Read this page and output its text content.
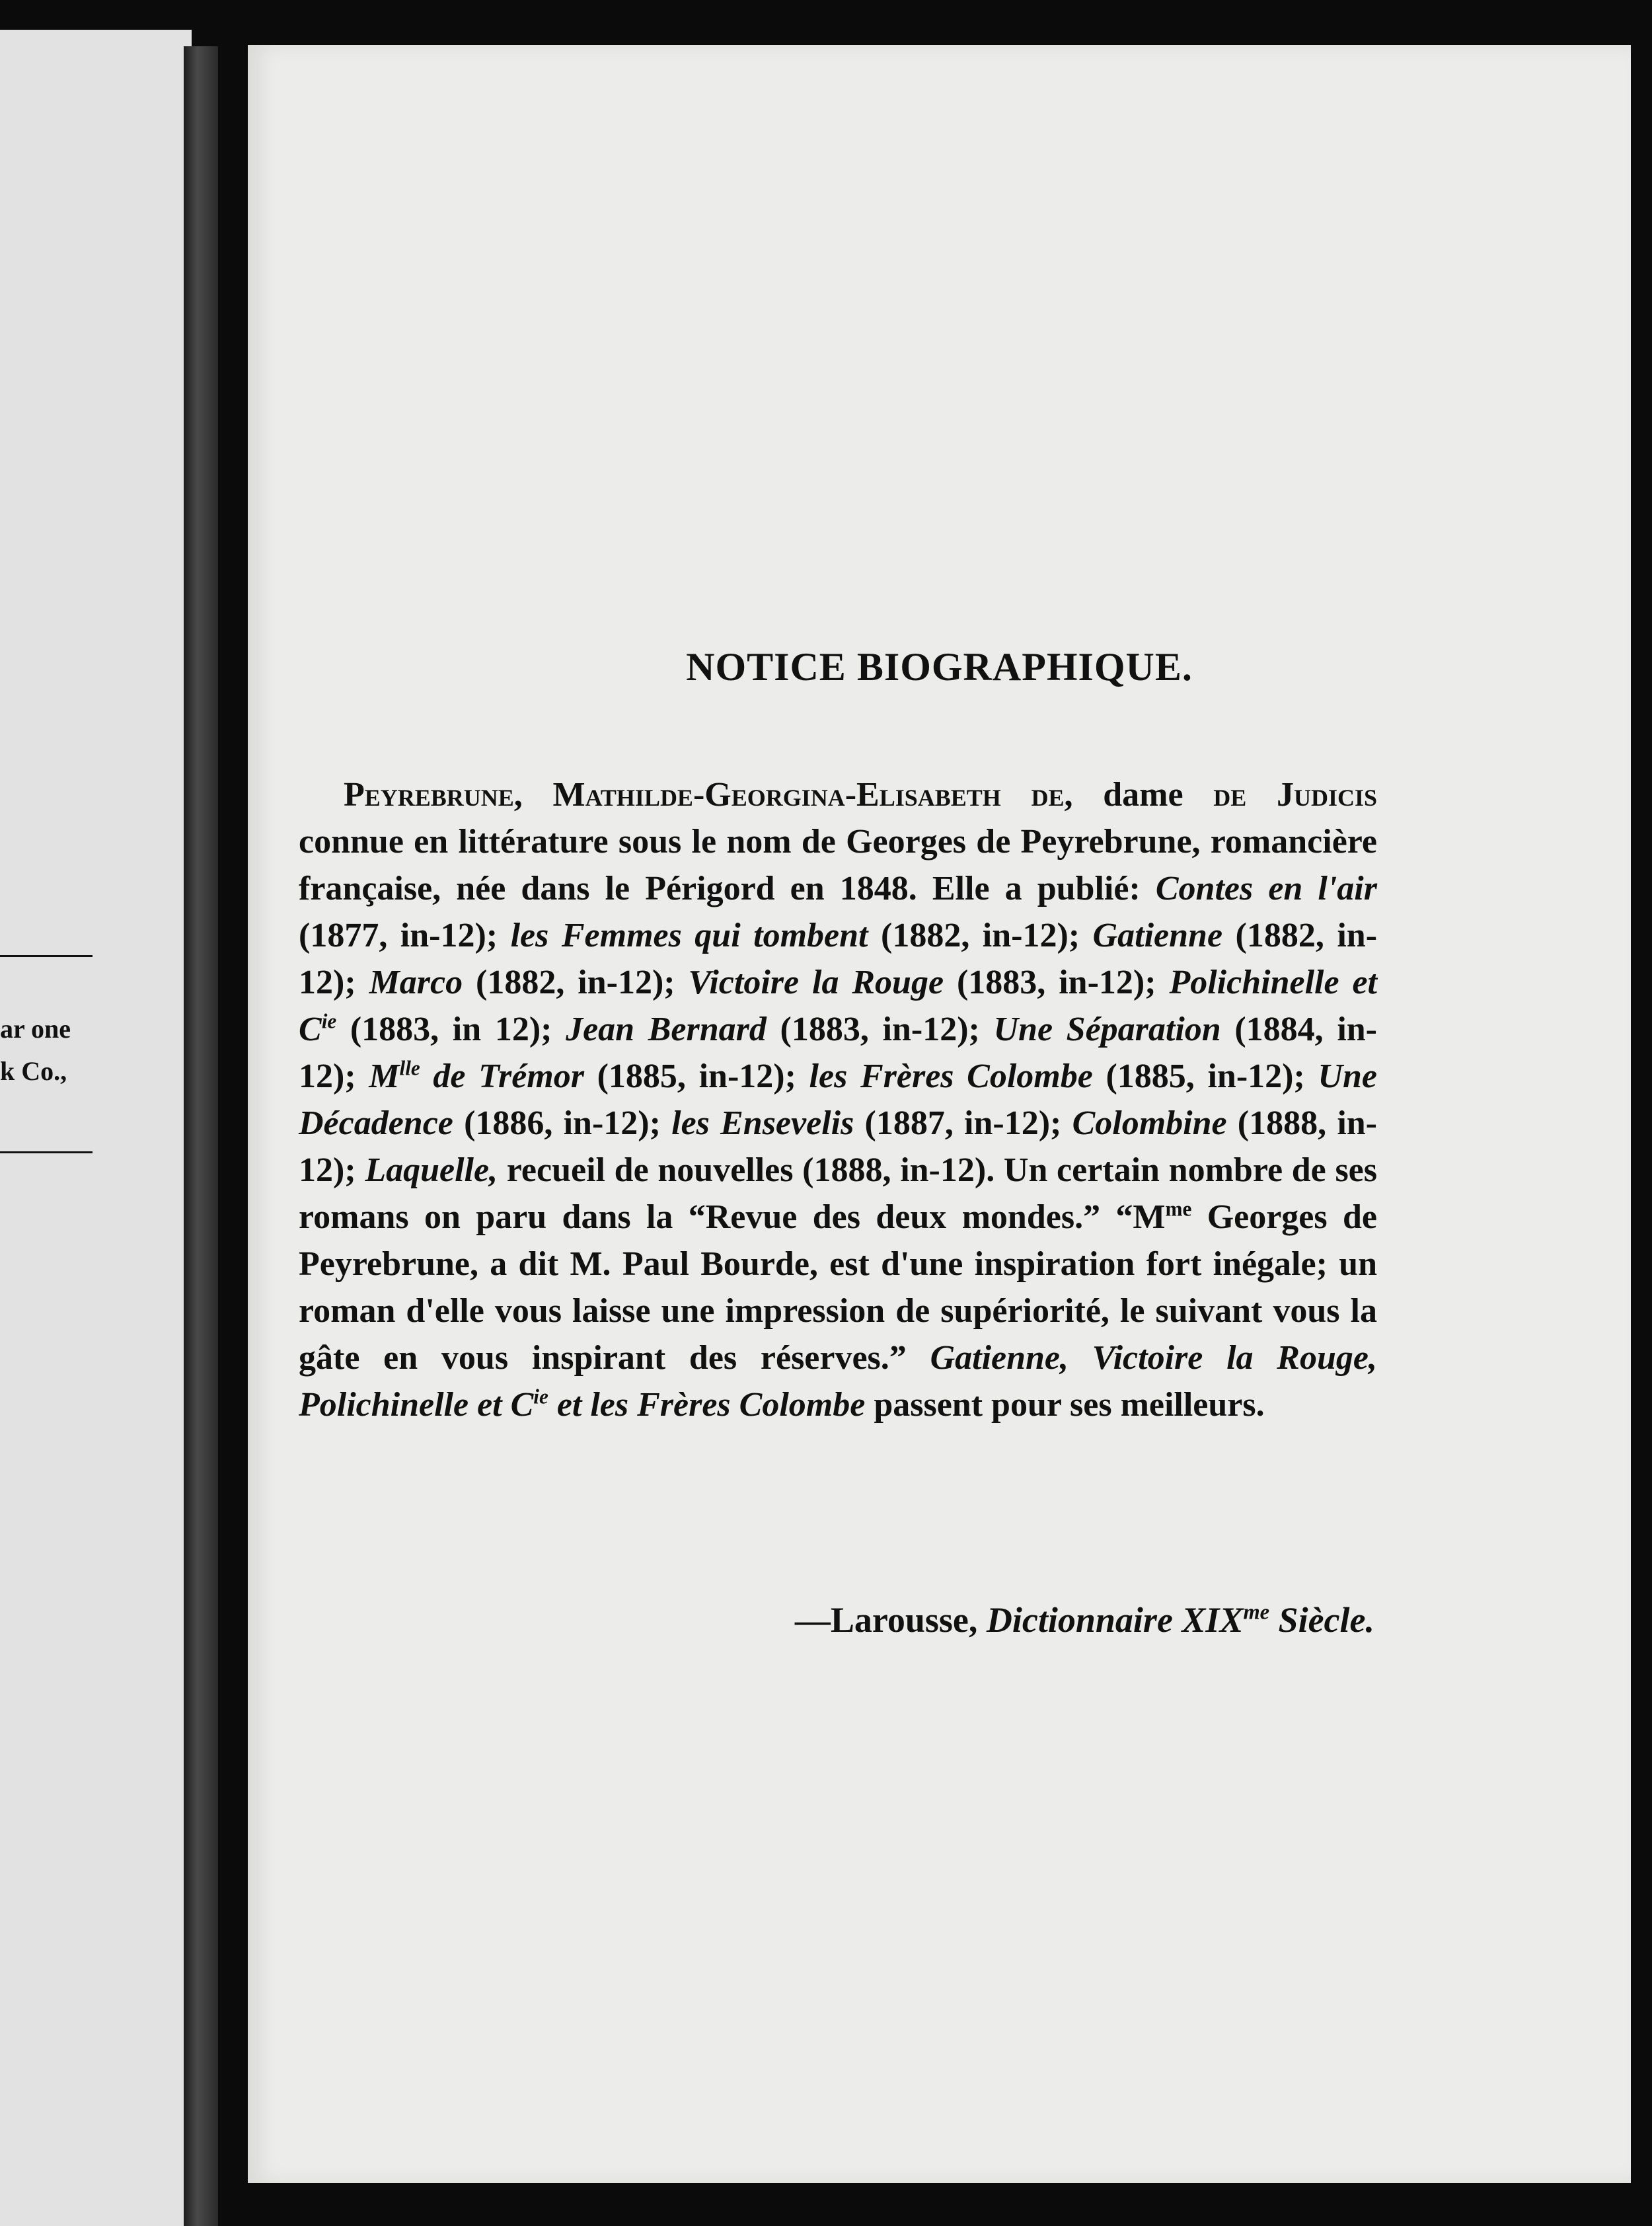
ar one
k Co.,
NOTICE BIOGRAPHIQUE.

Peyrebrune, Mathilde-Georgina-Elisabeth de, dame de Judicis connue en littérature sous le nom de Georges de Peyrebrune, romancière française, née dans le Périgord en 1848. Elle a publié: Contes en l'air (1877, in-12); les Femmes qui tombent (1882, in-12); Gatienne (1882, in-12); Marco (1882, in-12); Victoire la Rouge (1883, in-12); Polichinelle et $C^{ie}$ (1883, in 12); Jean Bernard (1883, in-12); Une Séparation (1884, in-12); $M^{lle}$ de Trémor (1885, in-12); les Frères Colombe (1885, in-12); Une Décadence (1886, in-12); les Ensevelis (1887, in-12); Colombine (1888, in-12); Laquelle, recueil de nouvelles (1888, in-12). Un certain nombre de ses romans on paru dans la “Revue des deux mondes.” “$M^{me}$ Georges de Peyrebrune, a dit M. Paul Bourde, est d'une inspiration fort inégale; un roman d'elle vous laisse une impression de supériorité, le suivant vous la gâte en vous inspirant des réserves.” Gatienne, Victoire la Rouge, Polichinelle et $C^{ie}$ et les Frères Colombe passent pour ses meilleurs.

—Larousse, Dictionnaire $XIX^{me}$ Siècle.
